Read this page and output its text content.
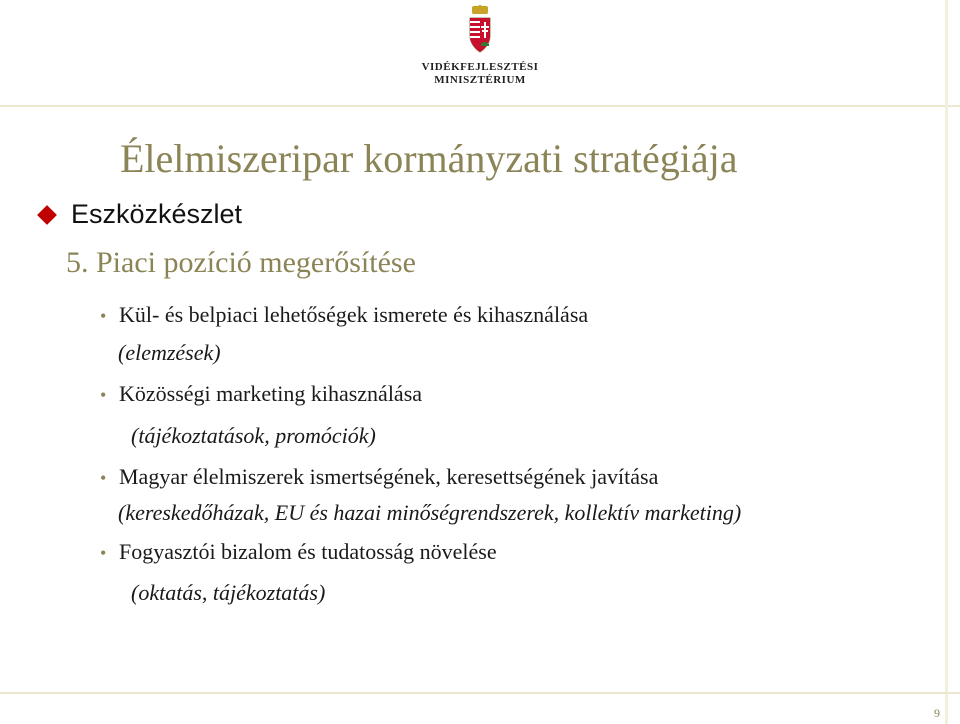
VIDÉKFEJLESZTÉSI
MINISZTÉRIUM
Élelmiszeripar kormányzati stratégiája
Eszközkészlet
5. Piaci pozíció megerősítése
• Kül- és belpiaci lehetőségek ismerete és kihasználása
(elemzések)
• Közösségi marketing kihasználása
(tájékoztatások, promóciók)
• Magyar élelmiszerek ismertségének, keresettségének javítása
(kereskedőházak, EU és hazai minőségrendszerek, kollektív marketing)
• Fogyasztói bizalom és tudatosság növelése
(oktatás, tájékoztatás)
9
